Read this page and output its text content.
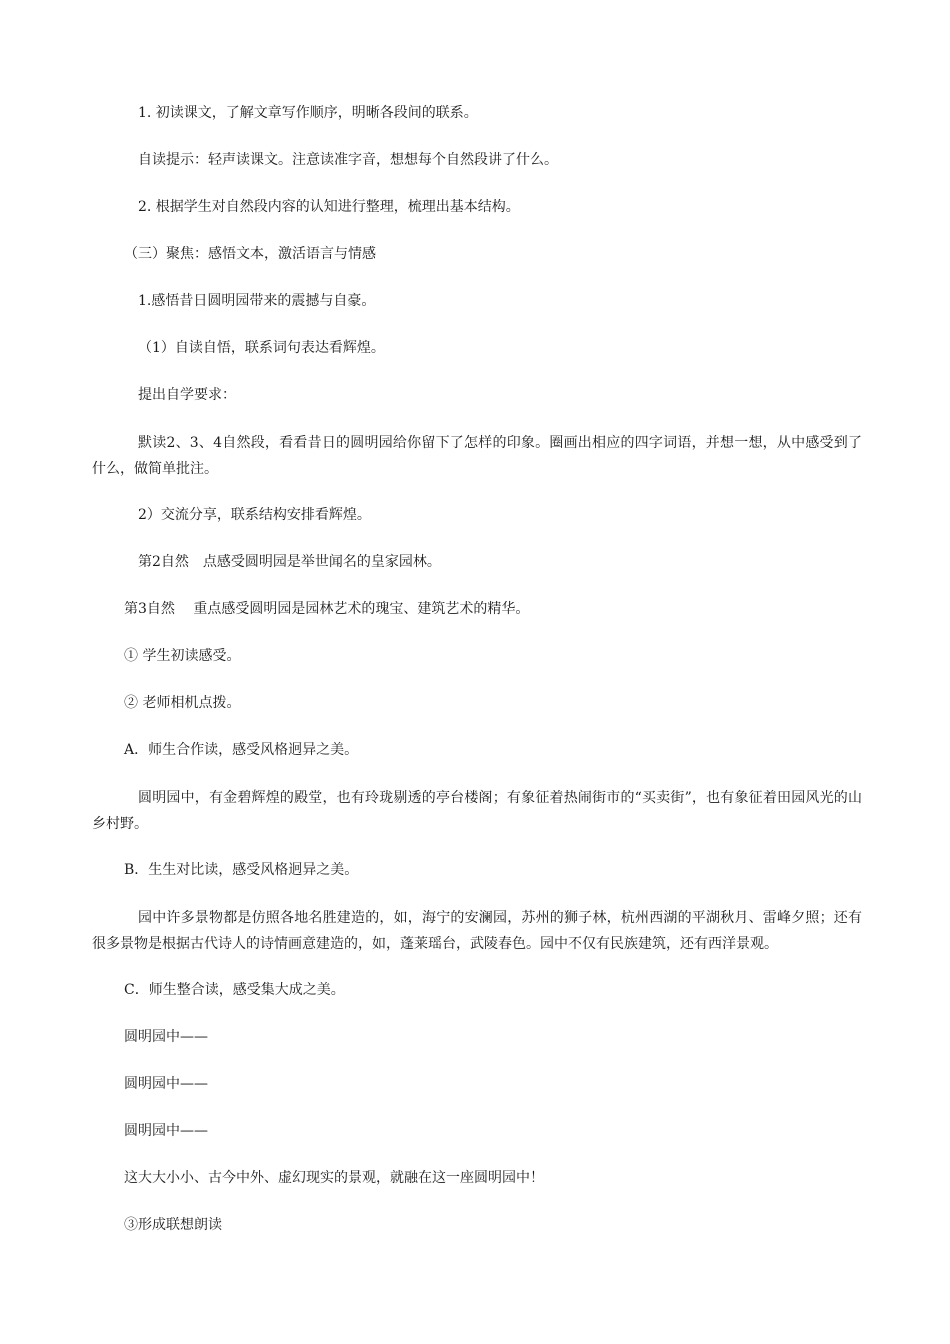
1. 初读课文，了解文章写作顺序，明晰各段间的联系。
自读提示：轻声读课文。注意读准字音，想想每个自然段讲了什么。
2. 根据学生对自然段内容的认知进行整理，梳理出基本结构。
（三）聚焦：感悟文本，激活语言与情感
1.感悟昔日圆明园带来的震撼与自豪。
（1）自读自悟，联系词句表达看辉煌。
提出自学要求：
默读2、3、4自然段，看看昔日的圆明园给你留下了怎样的印象。圈画出相应的四字词语，并想一想，从中感受到了什么，做简单批注。
2）交流分享，联系结构安排看辉煌。
第2自然　点感受圆明园是举世闻名的皇家园林。
第3自然　 重点感受圆明园是园林艺术的瑰宝、建筑艺术的精华。
① 学生初读感受。
② 老师相机点拨。
A．师生合作读，感受风格迥异之美。
圆明园中，有金碧辉煌的殿堂，也有玲珑剔透的亭台楼阁；有象征着热闹街市的“买卖街”，也有象征着田园风光的山乡村野。
B．生生对比读，感受风格迥异之美。
园中许多景物都是仿照各地名胜建造的，如，海宁的安澜园，苏州的狮子林，杭州西湖的平湖秋月、雷峰夕照；还有很多景物是根据古代诗人的诗情画意建造的，如，蓬莱瑶台，武陵春色。园中不仅有民族建筑，还有西洋景观。
C．师生整合读，感受集大成之美。
圆明园中——
圆明园中——
圆明园中——
这大大小小、古今中外、虚幻现实的景观，就融在这一座圆明园中！
③形成联想朗读
